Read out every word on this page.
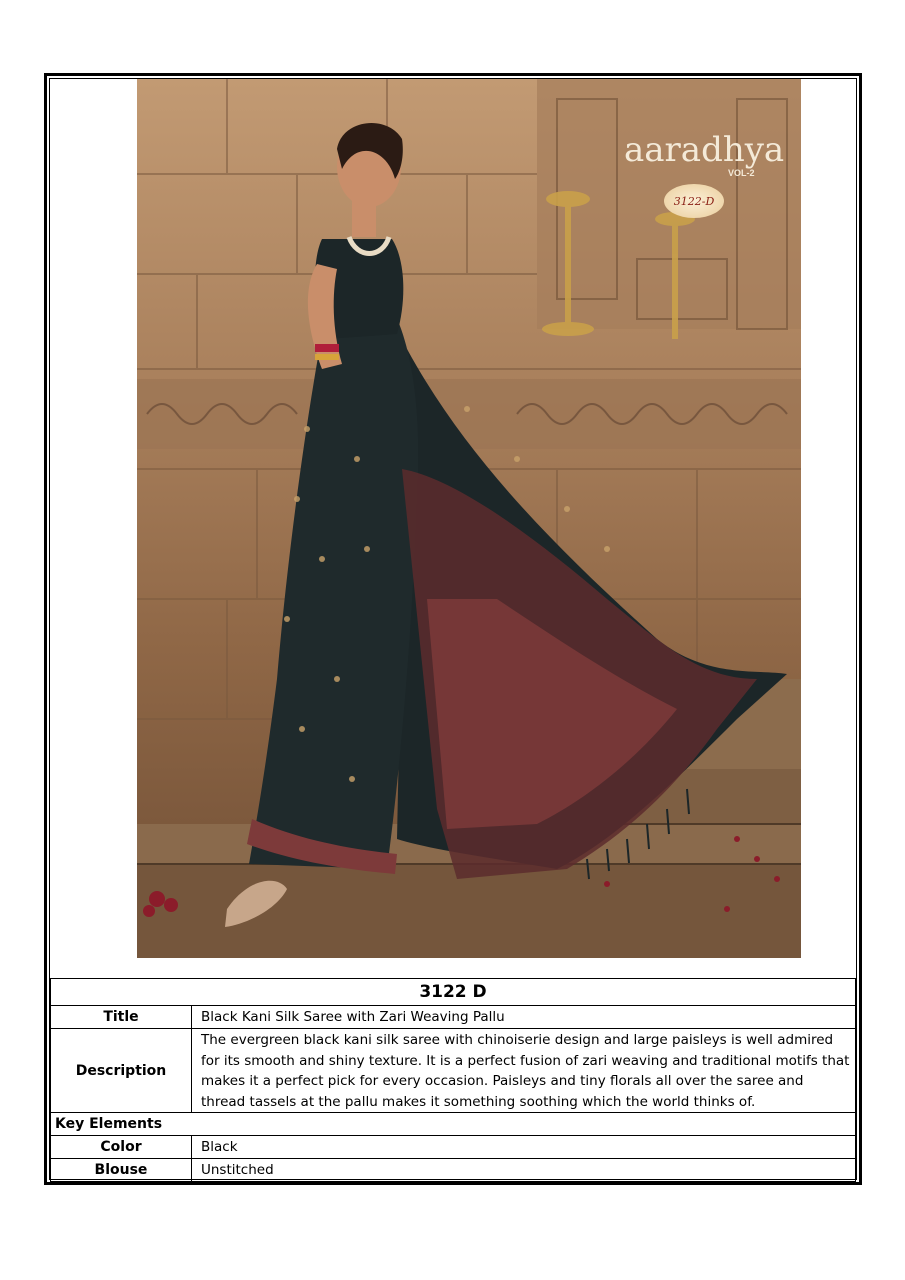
aaradhya
VOL-2
3122-D
3122 D	
Title	Black Kani Silk Saree with Zari Weaving Pallu
Description	The evergreen black kani silk saree with chinoiserie design and large paisleys is well admired for its smooth and shiny texture. It is a perfect fusion of zari weaving and traditional motifs that makes it a perfect pick for every occasion. Paisleys and tiny florals all over the saree and thread tassels at the pallu makes it something soothing which the world thinks of.
Key Elements	
Color	Black
Blouse	Unstitched
